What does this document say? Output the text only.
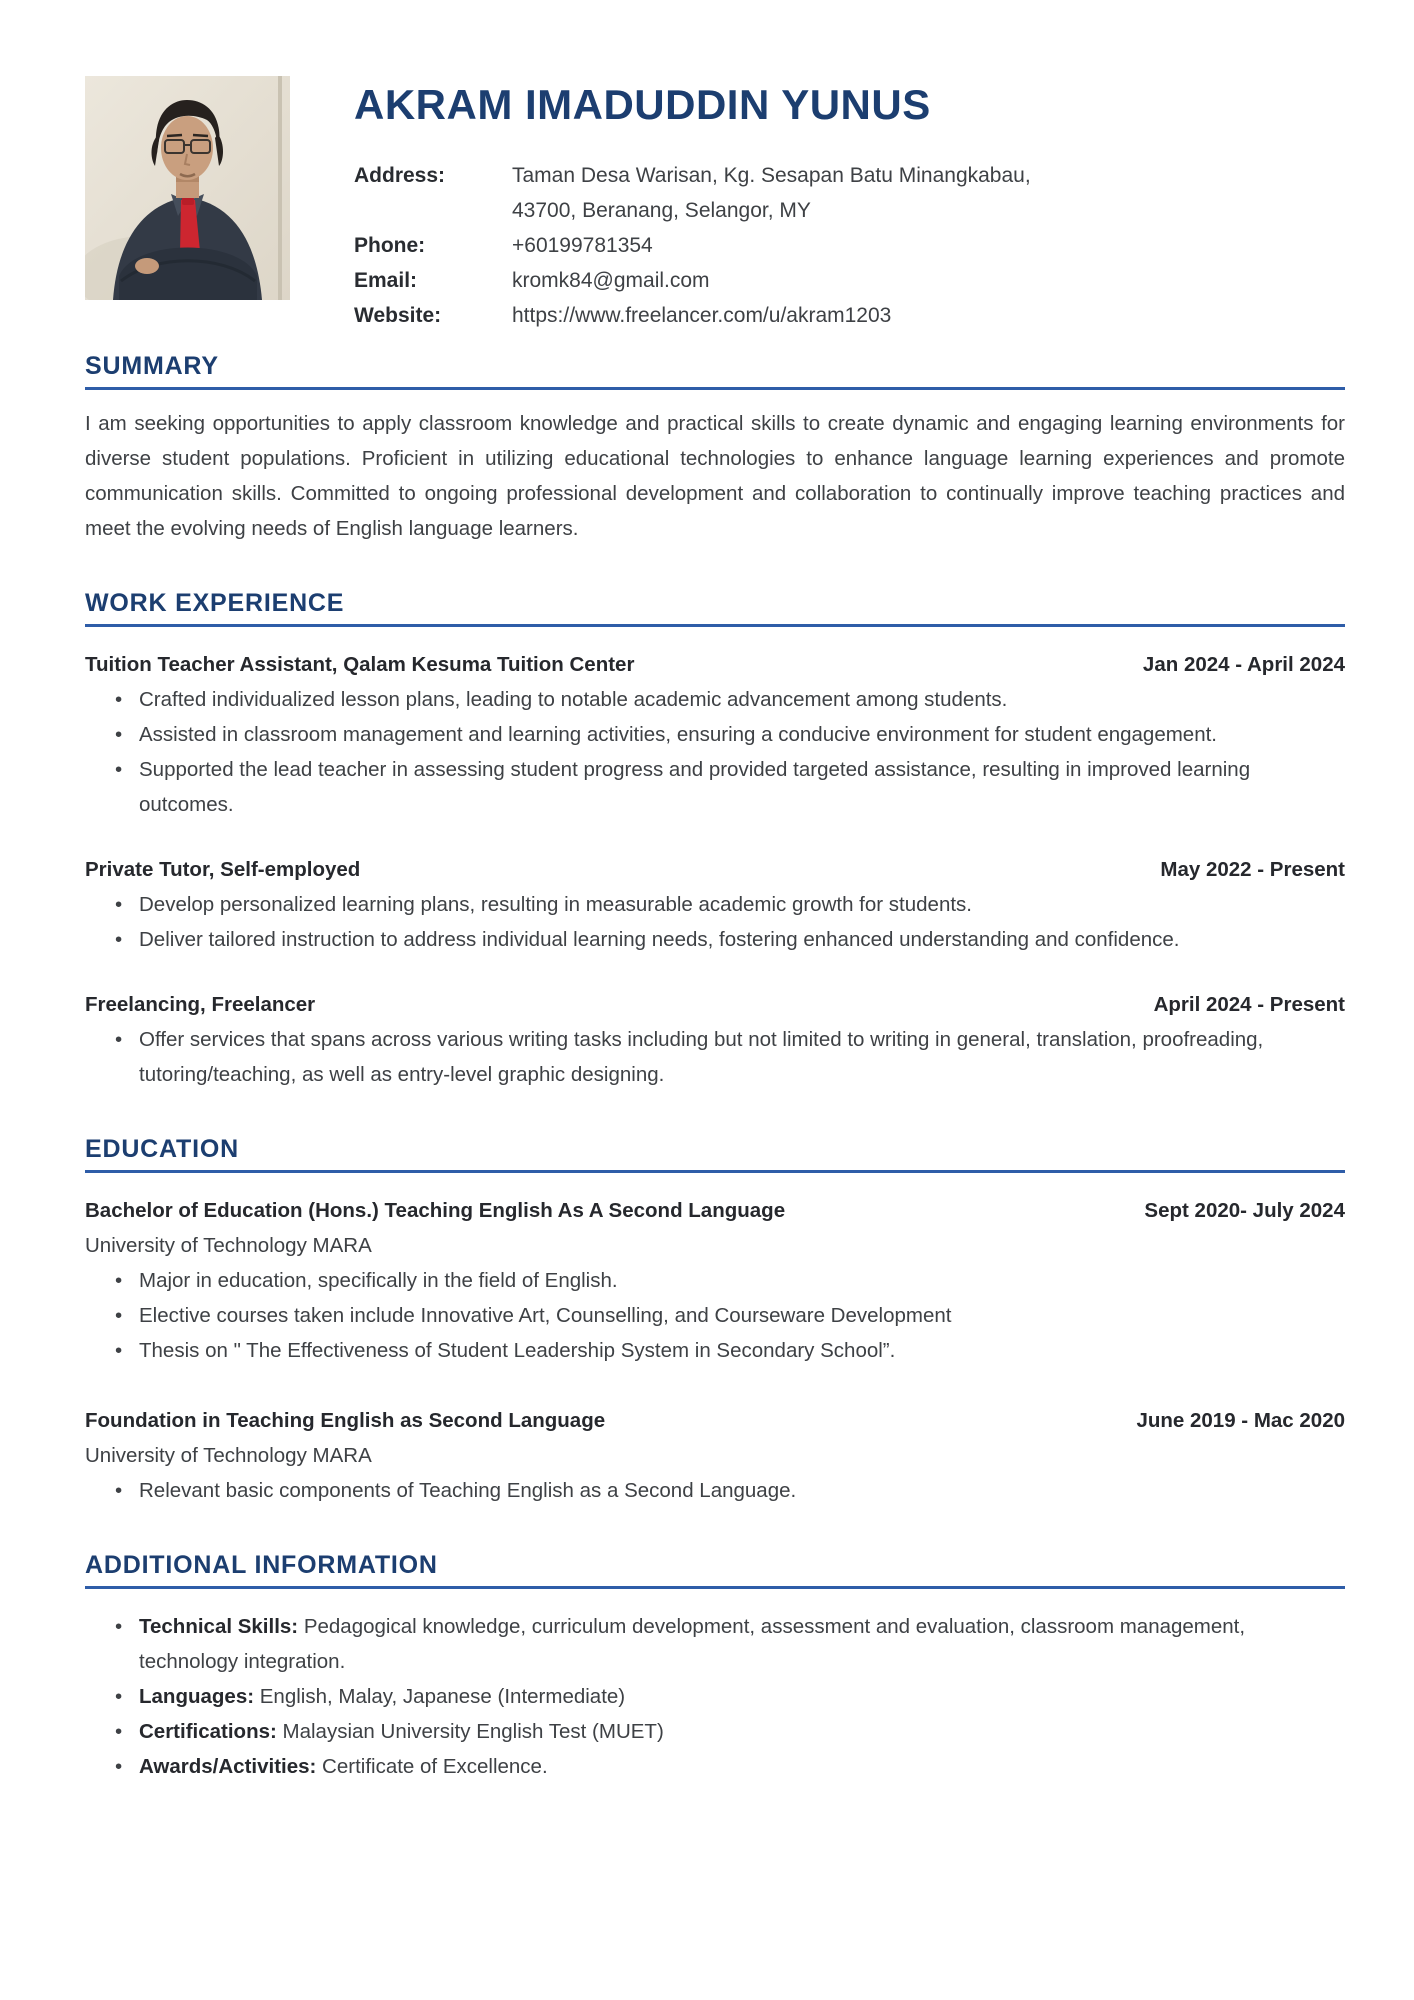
AKRAM IMADUDDIN YUNUS
Address:	Taman Desa Warisan, Kg. Sesapan Batu Minangkabau,
43700, Beranang, Selangor, MY
Phone:	+60199781354
Email:	kromk84@gmail.com
Website:	https://www.freelancer.com/u/akram1203
SUMMARY

I am seeking opportunities to apply classroom knowledge and practical skills to create dynamic and engaging learning environments for diverse student populations. Proficient in utilizing educational technologies to enhance language learning experiences and promote communication skills. Committed to ongoing professional development and collaboration to continually improve teaching practices and meet the evolving needs of English language learners.

WORK EXPERIENCE
Tuition Teacher Assistant, Qalam Kesuma Tuition Center	Jan 2024 - April 2024
• Crafted individualized lesson plans, leading to notable academic advancement among students.
• Assisted in classroom management and learning activities, ensuring a conducive environment for student engagement.
• Supported the lead teacher in assessing student progress and provided targeted assistance, resulting in improved learning outcomes.
Private Tutor, Self-employed	May 2022 - Present
• Develop personalized learning plans, resulting in measurable academic growth for students.
• Deliver tailored instruction to address individual learning needs, fostering enhanced understanding and confidence.
Freelancing, Freelancer	April 2024 - Present
• Offer services that spans across various writing tasks including but not limited to writing in general, translation, proofreading, tutoring/teaching, as well as entry-level graphic designing.
EDUCATION
Bachelor of Education (Hons.) Teaching English As A Second Language	Sept 2020- July 2024
University of Technology MARA
• Major in education, specifically in the field of English.
• Elective courses taken include Innovative Art, Counselling, and Courseware Development
• Thesis on " The Effectiveness of Student Leadership System in Secondary School”.
Foundation in Teaching English as Second Language	June 2019 - Mac 2020
University of Technology MARA
• Relevant basic components of Teaching English as a Second Language.
ADDITIONAL INFORMATION
• Technical Skills: Pedagogical knowledge, curriculum development, assessment and evaluation, classroom management, technology integration.
• Languages: English, Malay, Japanese (Intermediate)
• Certifications: Malaysian University English Test (MUET)
• Awards/Activities: Certificate of Excellence.
